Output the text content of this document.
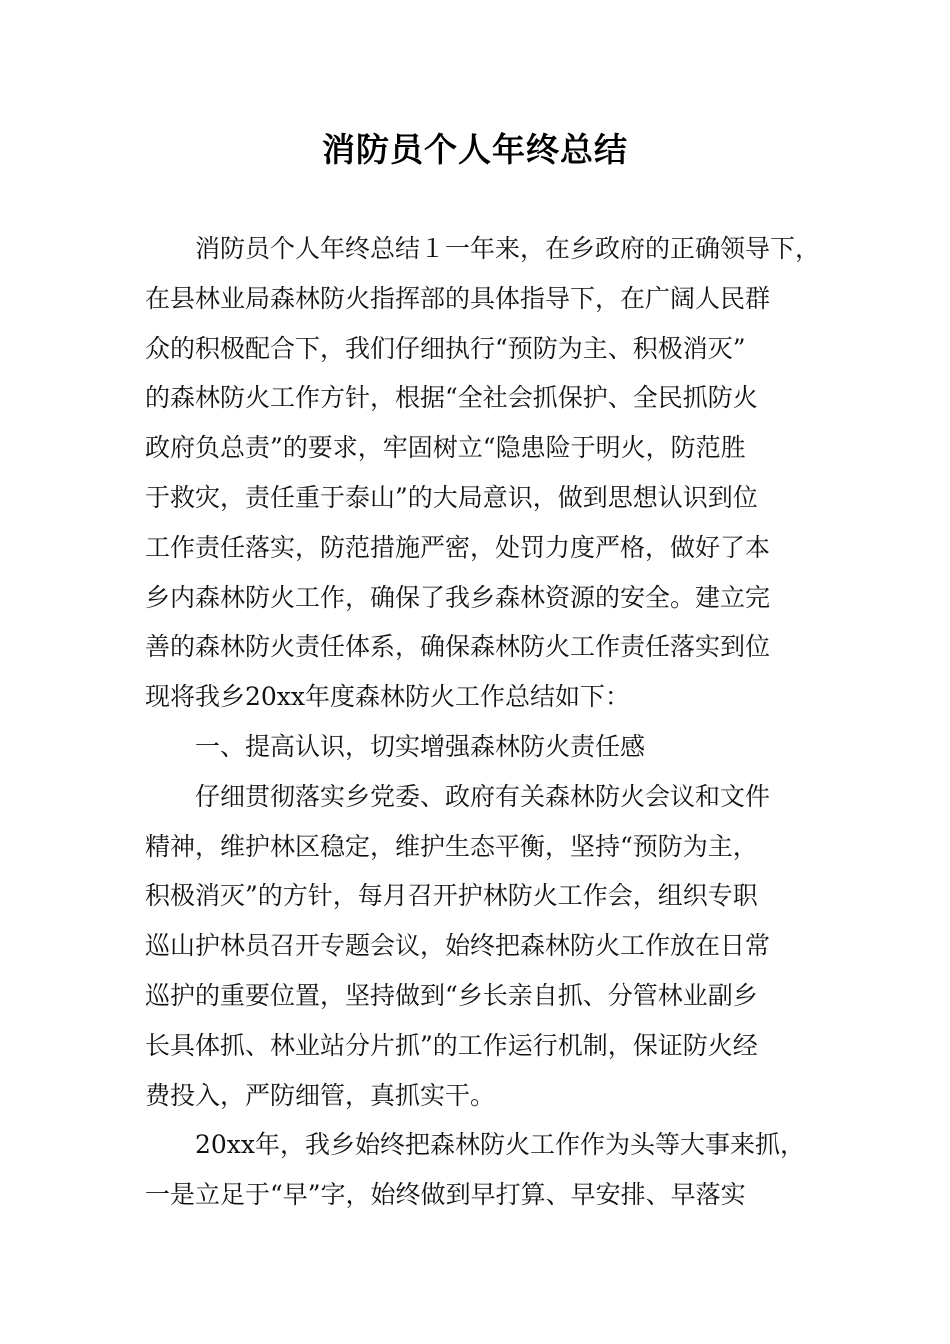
消防员个人年终总结
消防员个人年终总结１一年来，在乡政府的正确领导下，
在县林业局森林防火指挥部的具体指导下，在广阔人民群
众的积极配合下，我们仔细执行“预防为主、积极消灭”
的森林防火工作方针，根据“全社会抓保护、全民抓防火
政府负总责”的要求，牢固树立“隐患险于明火，防范胜
于救灾，责任重于泰山”的大局意识，做到思想认识到位
工作责任落实，防范措施严密，处罚力度严格，做好了本
乡内森林防火工作，确保了我乡森林资源的安全。建立完
善的森林防火责任体系，确保森林防火工作责任落实到位
现将我乡20xx年度森林防火工作总结如下：
一、提高认识，切实增强森林防火责任感
仔细贯彻落实乡党委、政府有关森林防火会议和文件
精神，维护林区稳定，维护生态平衡，坚持“预防为主，
积极消灭”的方针，每月召开护林防火工作会，组织专职
巡山护林员召开专题会议，始终把森林防火工作放在日常
巡护的重要位置，坚持做到“乡长亲自抓、分管林业副乡
长具体抓、林业站分片抓”的工作运行机制，保证防火经
费投入，严防细管，真抓实干。
20xx年，我乡始终把森林防火工作作为头等大事来抓，
一是立足于“早”字，始终做到早打算、早安排、早落实
